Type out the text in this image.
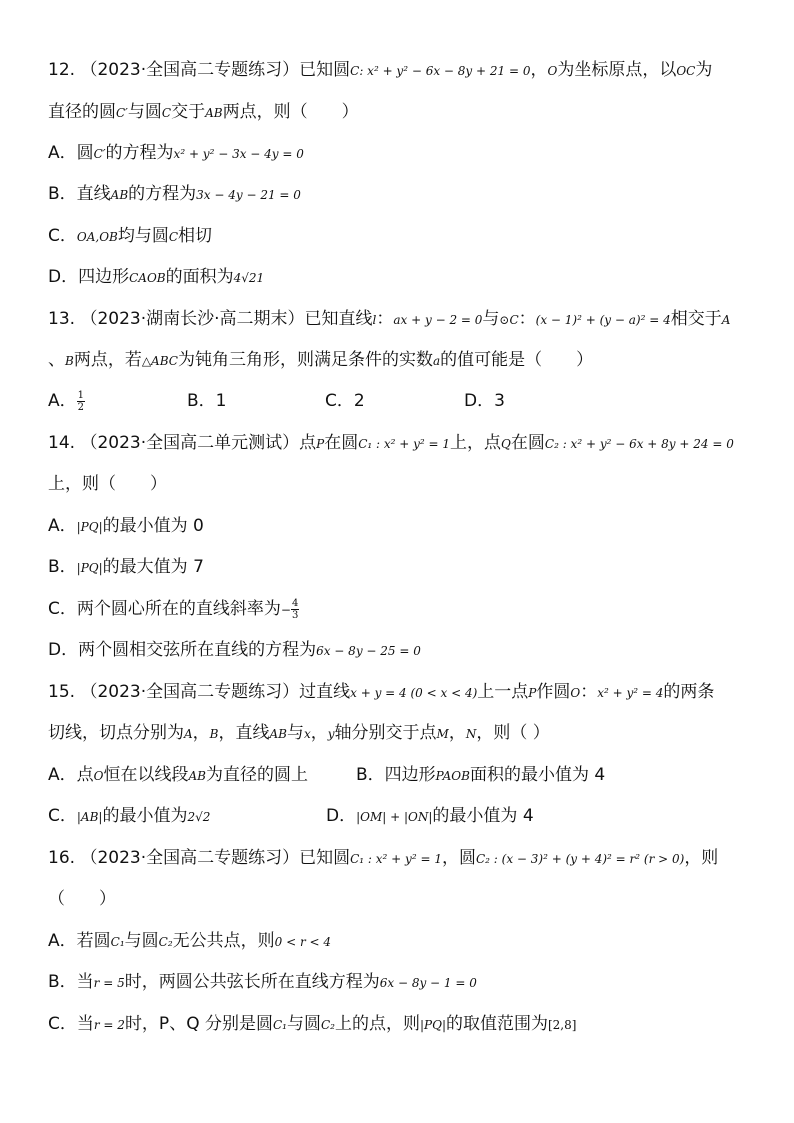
12. （2023·全国高二专题练习）已知圆C: x² + y² − 6x − 8y + 21 = 0，O为坐标原点，以OC为
直径的圆C′与圆C交于AB两点，则（　　）
A．圆C′的方程为x² + y² − 3x − 4y = 0
B．直线AB的方程为3x − 4y − 21 = 0
C．OA,OB均与圆C相切
D．四边形CAOB的面积为4√21
13. （2023·湖南长沙·高二期末）已知直线l：ax + y − 2 = 0与⊙C：(x − 1)² + (y − a)² = 4相交于A
、B两点，若△ABC为钝角三角形，则满足条件的实数a的值可能是（　　）
A． $\frac{1}{2}$	B．1	C．2	D．3
14. （2023·全国高二单元测试）点P在圆C₁ : x² + y² = 1上，点Q在圆C₂ : x² + y² − 6x + 8y + 24 = 0
上，则（　　）
A．|PQ|的最小值为 0
B．|PQ|的最大值为 7
C．两个圆心所在的直线斜率为− $\frac{4}{3}$
D．两个圆相交弦所在直线的方程为6x − 8y − 25 = 0
15. （2023·全国高二专题练习）过直线x + y = 4 (0 < x < 4)上一点P作圆O：x² + y² = 4的两条
切线，切点分别为A，B，直线AB与x，y轴分别交于点M，N，则（ ）
A．点O恒在以线段AB为直径的圆上	B．四边形PAOB面积的最小值为 4
C．|AB|的最小值为2√2	D．|OM| + |ON|的最小值为 4
16. （2023·全国高二专题练习）已知圆C₁ : x² + y² = 1，圆C₂ : (x − 3)² + (y + 4)² = r² (r > 0)，则
（　　）
A．若圆C₁与圆C₂无公共点，则0 < r < 4
B．当r = 5时，两圆公共弦长所在直线方程为6x − 8y − 1 = 0
C．当r = 2时，P、Q 分别是圆C₁与圆C₂上的点，则|PQ|的取值范围为[2,8]
